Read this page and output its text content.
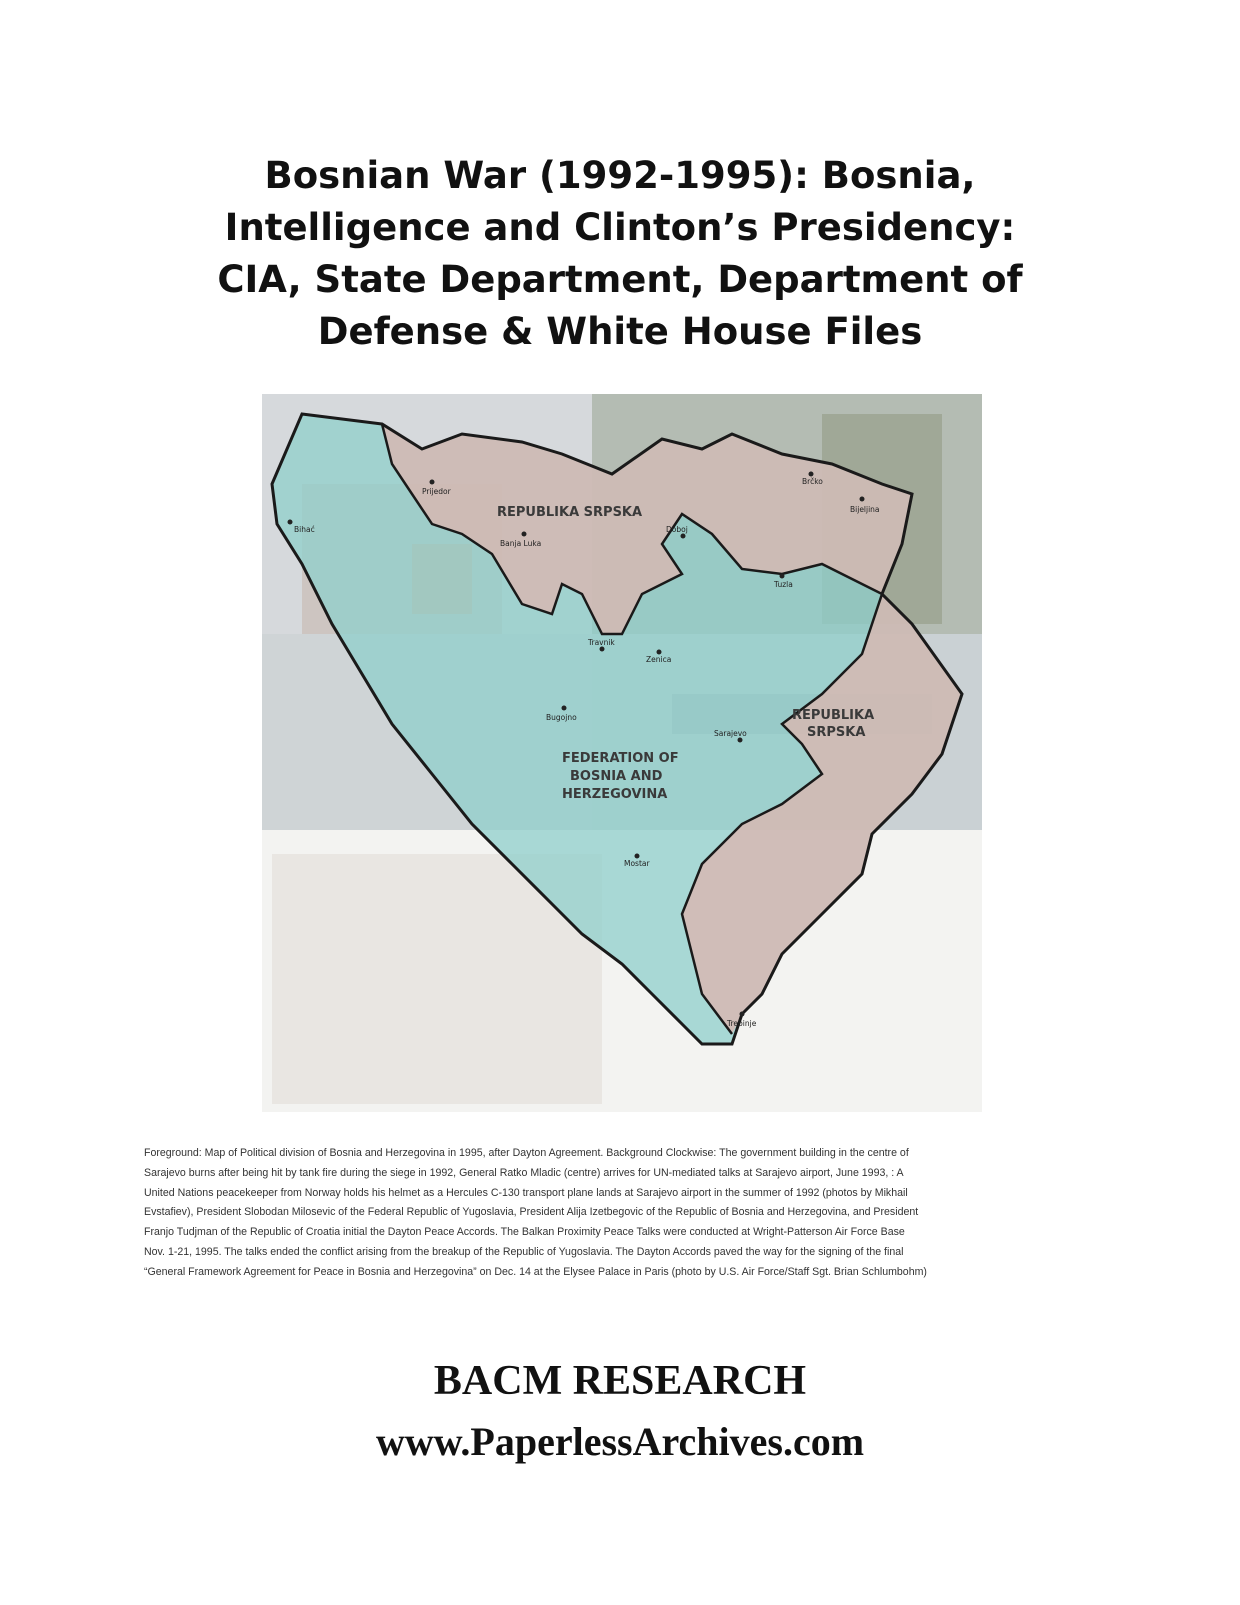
Bosnian War (1992-1995): Bosnia,
Intelligence and Clinton’s Presidency:
CIA, State Department, Department of
Defense & White House Files
REPUBLIKA SRPSKA
REPUBLIKA
SRPSKA
FEDERATION OF
BOSNIA AND
HERZEGOVINA
Bihać
Prijedor
Banja Luka
Doboj
Brčko
Bijeljina
Tuzla
Travnik
Zenica
Bugojno
Sarajevo
Mostar
Trebinje
Foreground: Map of Political division of Bosnia and Herzegovina in 1995, after Dayton Agreement. Background Clockwise: The government building in the centre of
Sarajevo burns after being hit by tank fire during the siege in 1992, General Ratko Mladic (centre) arrives for UN-mediated talks at Sarajevo airport, June 1993, : A
United Nations peacekeeper from Norway holds his helmet as a Hercules C-130 transport plane lands at Sarajevo airport in the summer of 1992 (photos by Mikhail
Evstafiev), President Slobodan Milosevic of the Federal Republic of Yugoslavia, President Alija Izetbegovic of the Republic of Bosnia and Herzegovina, and President
Franjo Tudjman of the Republic of Croatia initial the Dayton Peace Accords. The Balkan Proximity Peace Talks were conducted at Wright-Patterson Air Force Base
Nov. 1-21, 1995. The talks ended the conflict arising from the breakup of the Republic of Yugoslavia. The Dayton Accords paved the way for the signing of the final
“General Framework Agreement for Peace in Bosnia and Herzegovina” on Dec. 14 at the Elysee Palace in Paris (photo by U.S. Air Force/Staff Sgt. Brian Schlumbohm)
BACM RESEARCH
www.PaperlessArchives.com
